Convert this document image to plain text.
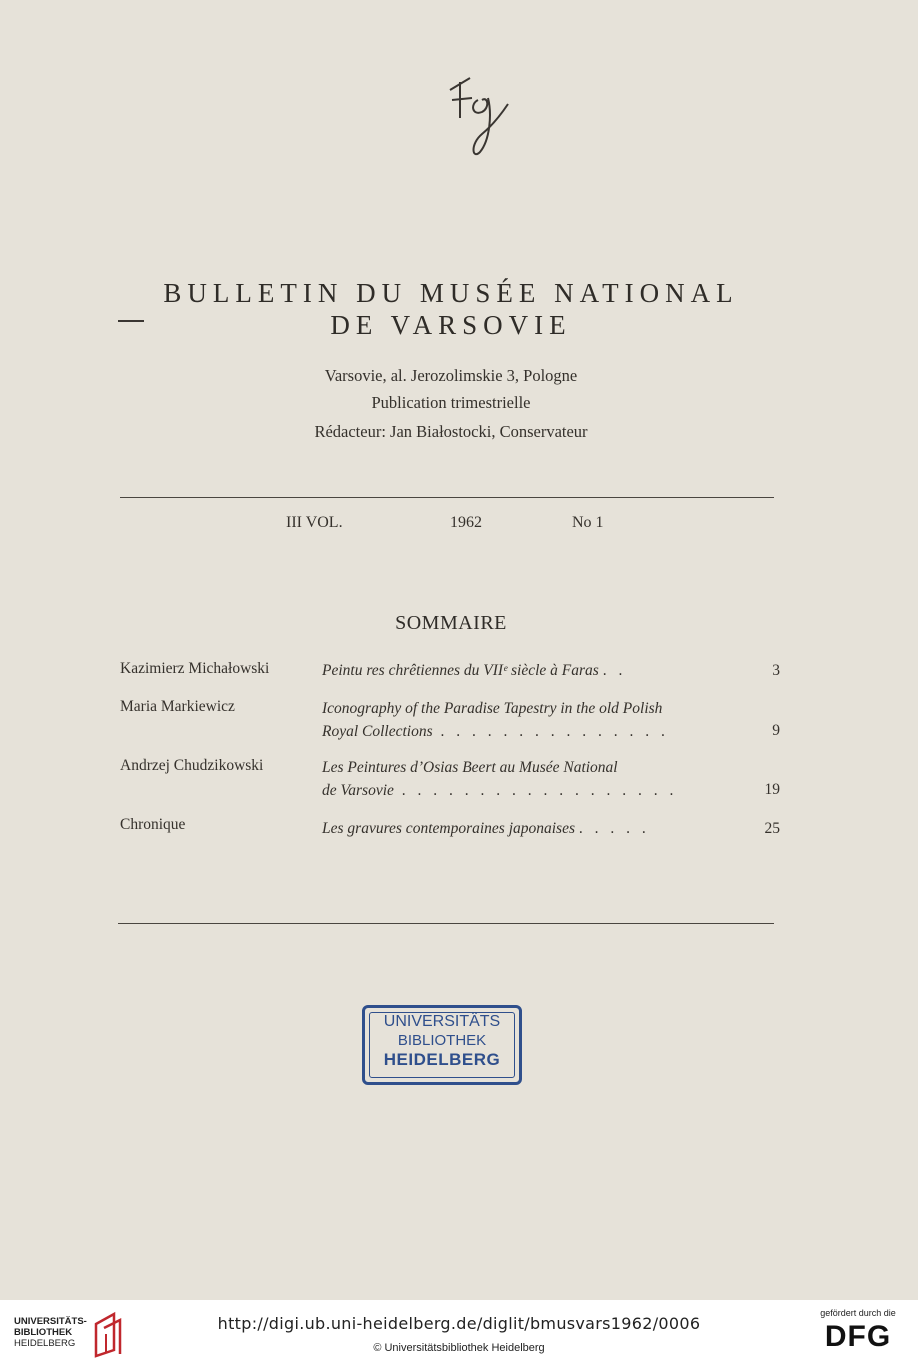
BULLETIN DU MUSÉE NATIONAL
DE VARSOVIE
Varsovie, al. Jerozolimskie 3, Pologne
Publication trimestrielle
Rédacteur: Jan Białostocki, Conservateur
III VOL.	1962	No 1
SOMMAIRE
Kazimierz Michałowski	Peintu res chrêtiennes du VIIᵉ siècle à Faras . .	3
Maria Markiewicz	Iconography of the Paradise Tapestry in the old Polish
Royal Collections . . . . . . . . . . . . . . .	9
Andrzej Chudzikowski	Les Peintures d’Osias Beert au Musée National
de Varsovie . . . . . . . . . . . . . . . . . .	19
Chronique	Les gravures contemporaines japonaises . . . . .	25
UNIVERSITÄTS
BIBLIOTHEK
HEIDELBERG
UNIVERSITÄTS-
BIBLIOTHEK
HEIDELBERG
http://digi.ub.uni-heidelberg.de/diglit/bmusvars1962/0006
© Universitätsbibliothek Heidelberg
gefördert durch die
DFG
